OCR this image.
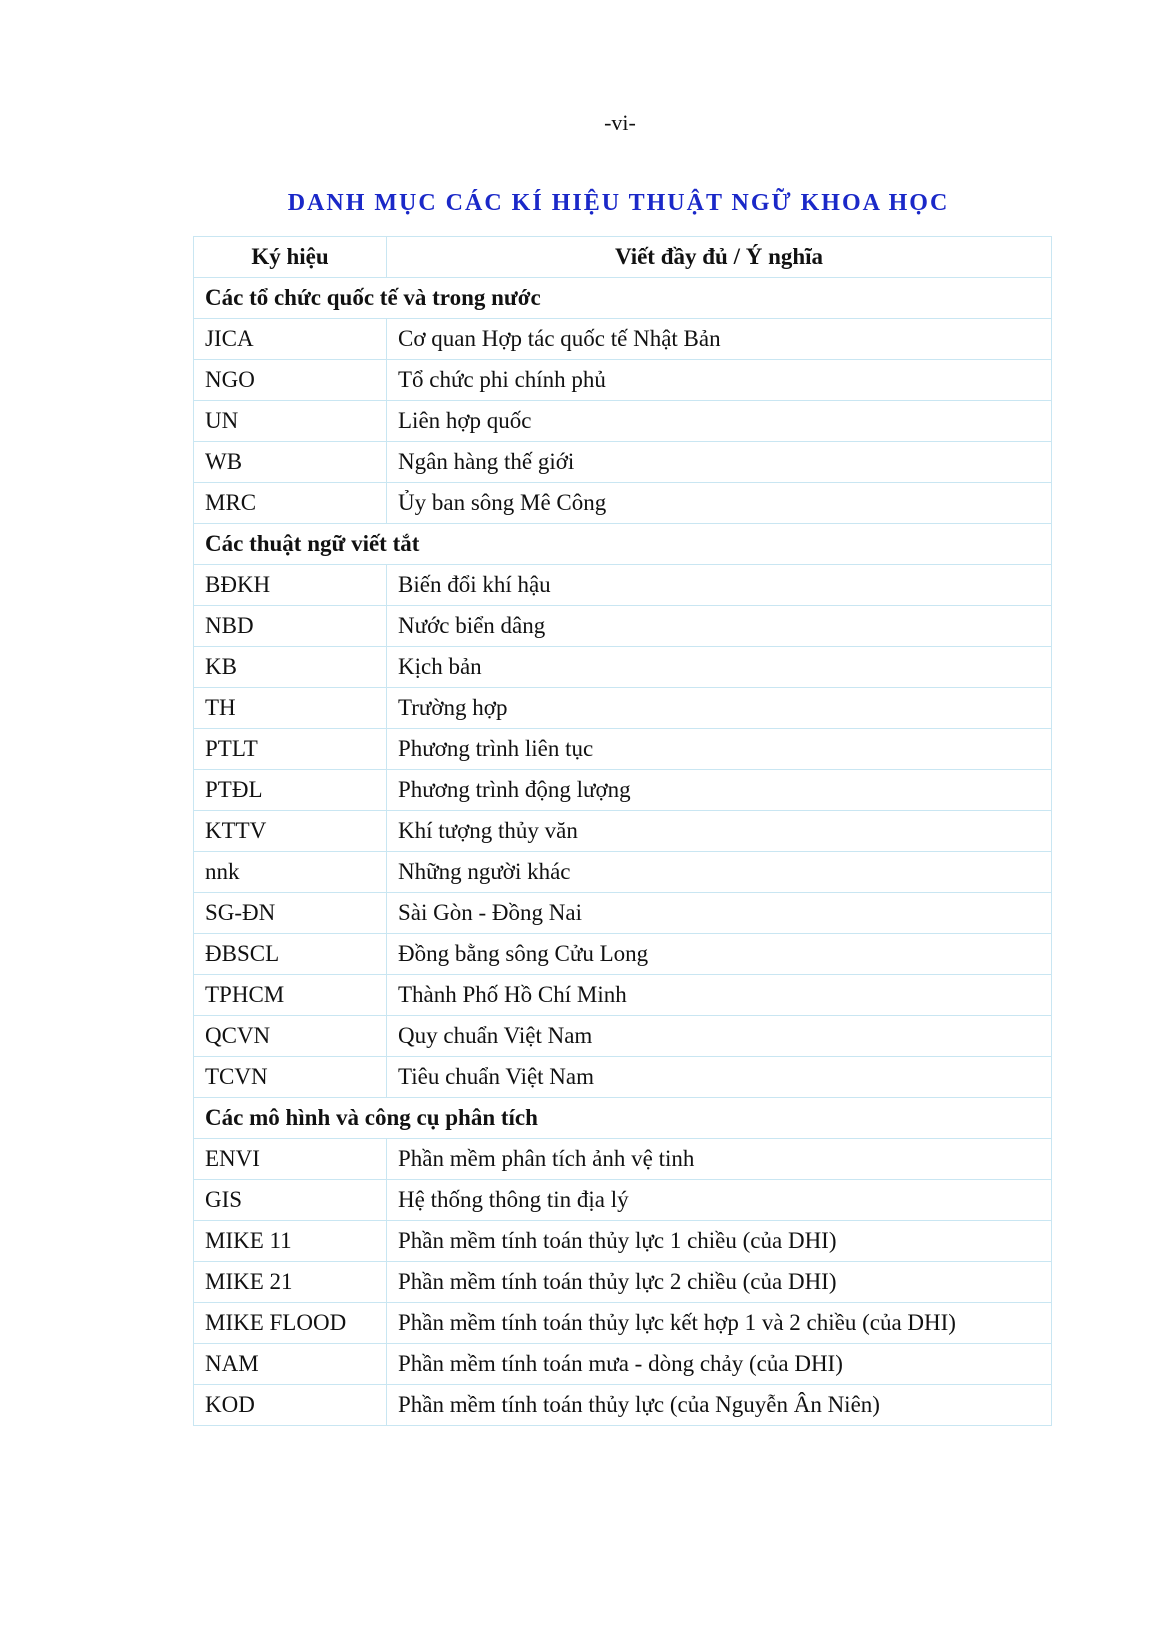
-vi-
DANH MỤC CÁC KÍ HIỆU THUẬT NGỮ KHOA HỌC
Ký hiệu	Viết đầy đủ / Ý nghĩa
Các tổ chức quốc tế và trong nước	
JICA	Cơ quan Hợp tác quốc tế Nhật Bản
NGO	Tổ chức phi chính phủ
UN	Liên hợp quốc
WB	Ngân hàng thế giới
MRC	Ủy ban sông Mê Công
Các thuật ngữ viết tắt	
BĐKH	Biến đổi khí hậu
NBD	Nước biển dâng
KB	Kịch bản
TH	Trường hợp
PTLT	Phương trình liên tục
PTĐL	Phương trình động lượng
KTTV	Khí tượng thủy văn
nnk	Những người khác
SG-ĐN	Sài Gòn - Đồng Nai
ĐBSCL	Đồng bằng sông Cửu Long
TPHCM	Thành Phố Hồ Chí Minh
QCVN	Quy chuẩn Việt Nam
TCVN	Tiêu chuẩn Việt Nam
Các mô hình và công cụ phân tích	
ENVI	Phần mềm phân tích ảnh vệ tinh
GIS	Hệ thống thông tin địa lý
MIKE 11	Phần mềm tính toán thủy lực 1 chiều (của DHI)
MIKE 21	Phần mềm tính toán thủy lực 2 chiều (của DHI)
MIKE FLOOD	Phần mềm tính toán thủy lực kết hợp 1 và 2 chiều (của DHI)
NAM	Phần mềm tính toán mưa - dòng chảy (của DHI)
KOD	Phần mềm tính toán thủy lực (của Nguyễn Ân Niên)
